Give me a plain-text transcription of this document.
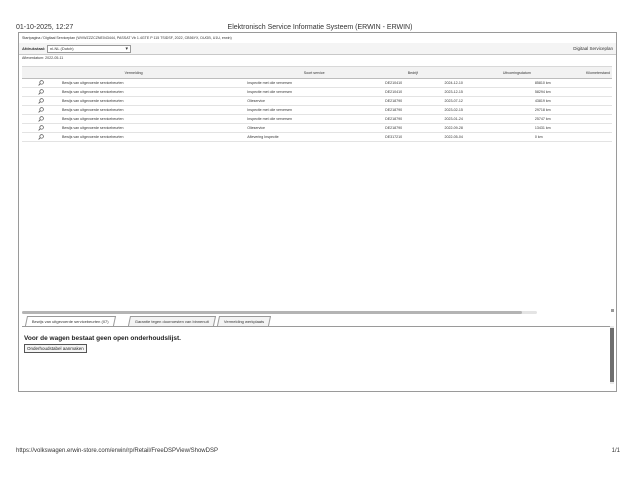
01-10-2025, 12:27	Elektronisch Service Informatie Systeem (ERWIN - ERWIN)
Startpagina / Digitaal Serviceplan (WVWZZZCZNE043444, PASSAT Vb 1.4GTE P 115 TSIDSF, 2022, CB56YX, DUGB, U1U, erwin)
Afdrukstaal:	nl-NL (Dutch)	▾	Digitaal Serviceplan
Afleverdatum: 2022-05-11
Vermelding		Soort service	Bedrijf	Uitvoeringsdatum	Kilometerstand
	Bewijs van uitgevoerde servicebeurten	Inspectie met olie verversen	DE210410	2024-12-10	85810 km
	Bewijs van uitgevoerde servicebeurten	Inspectie met olie verversen	DE210410	2023-12-15	58294 km
	Bewijs van uitgevoerde servicebeurten	Olieservice	DE218790	2023-07-12	43819 km
	Bewijs van uitgevoerde servicebeurten	Inspectie met olie verversen	DE218790	2023-02-15	29718 km
	Bewijs van uitgevoerde servicebeurten	Inspectie met olie verversen	DE218790	2023-01-24	25747 km
	Bewijs van uitgevoerde servicebeurten	Olieservice	DE218790	2022-09-28	13431 km
	Bewijs van uitgevoerde servicebeurten	Aflevering Inspectie	DE317210	2022-05-04	0 km
Bewijs van uitgevoerde servicebeurten (07)	Garantie tegen doorroesten van binnenuit	Vermelding werkplaats
Voor de wagen bestaat geen open onderhoudslijst.
Onderhoudstabel aanmaken
https://volkswagen.erwin-store.com/erwin/rp/Retail/FreeDSPView/ShowDSP	1/1
